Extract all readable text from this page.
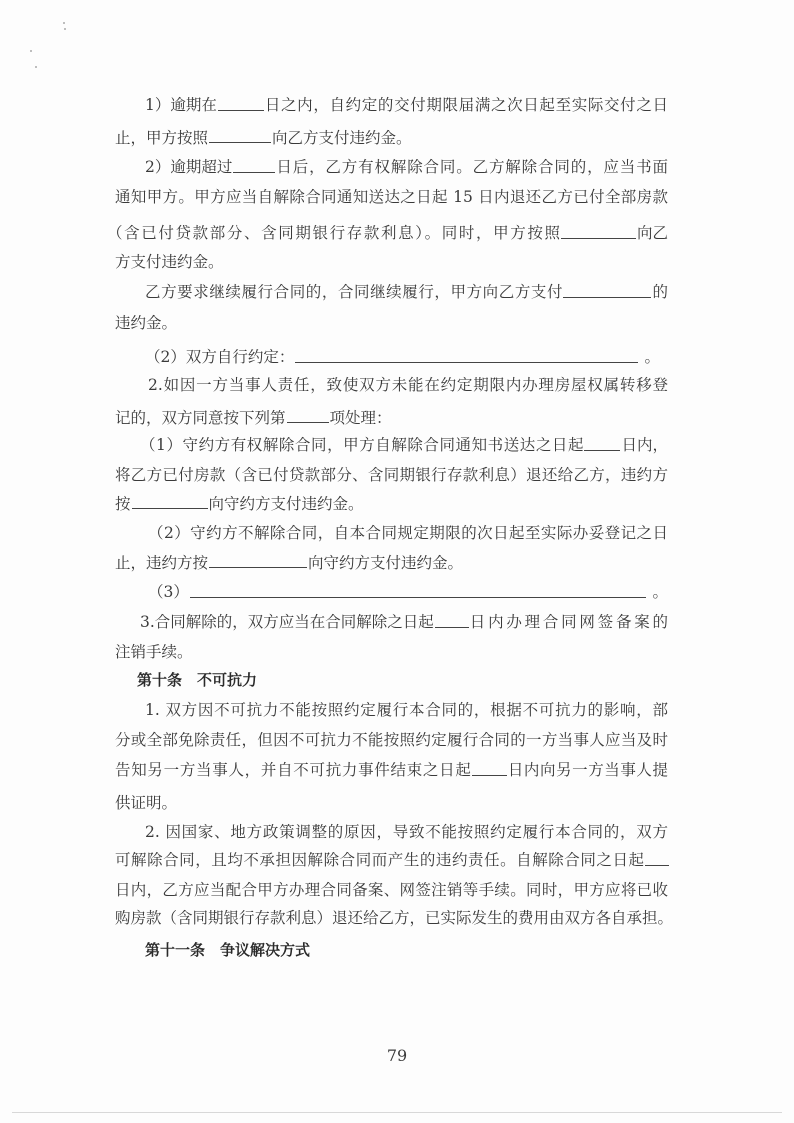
1）逾期在	日之内，自约定的交付期限届满之次日起至实际交付之日
止，甲方按照	向乙方支付违约金。
2）逾期超过	日后，乙方有权解除合同。乙方解除合同的，应当书面
通知甲方。甲方应当自解除合同通知送达之日起 15 日内退还乙方已付全部房款
（含已付贷款部分、含同期银行存款利息）。同时，甲方按照	向乙
方支付违约金。
乙方要求继续履行合同的，合同继续履行，甲方向乙方支付	的
违约金。
（2）双方自行约定：	。
2.如因一方当事人责任，致使双方未能在约定期限内办理房屋权属转移登
记的，双方同意按下列第	项处理：
（1）守约方有权解除合同，甲方自解除合同通知书送达之日起 日内，
将乙方已付房款（含已付贷款部分、含同期银行存款利息）退还给乙方，违约方
按	向守约方支付违约金。
（2）守约方不解除合同，自本合同规定期限的次日起至实际办妥登记之日
止，违约方按	向守约方支付违约金。
（3）	。
3.合同解除的，双方应当在合同解除之日起 日内办理合同网签备案的
注销手续。
第十条　不可抗力
1. 双方因不可抗力不能按照约定履行本合同的，根据不可抗力的影响，部
分或全部免除责任，但因不可抗力不能按照约定履行合同的一方当事人应当及时
告知另一方当事人，并自不可抗力事件结束之日起 日内向另一方当事人提
供证明。
2. 因国家、地方政策调整的原因，导致不能按照约定履行本合同的，双方
可解除合同，且均不承担因解除合同而产生的违约责任。自解除合同之日起
日内，乙方应当配合甲方办理合同备案、网签注销等手续。同时，甲方应将已收
购房款（含同期银行存款利息）退还给乙方，已实际发生的费用由双方各自承担。
第十一条　争议解决方式
79
